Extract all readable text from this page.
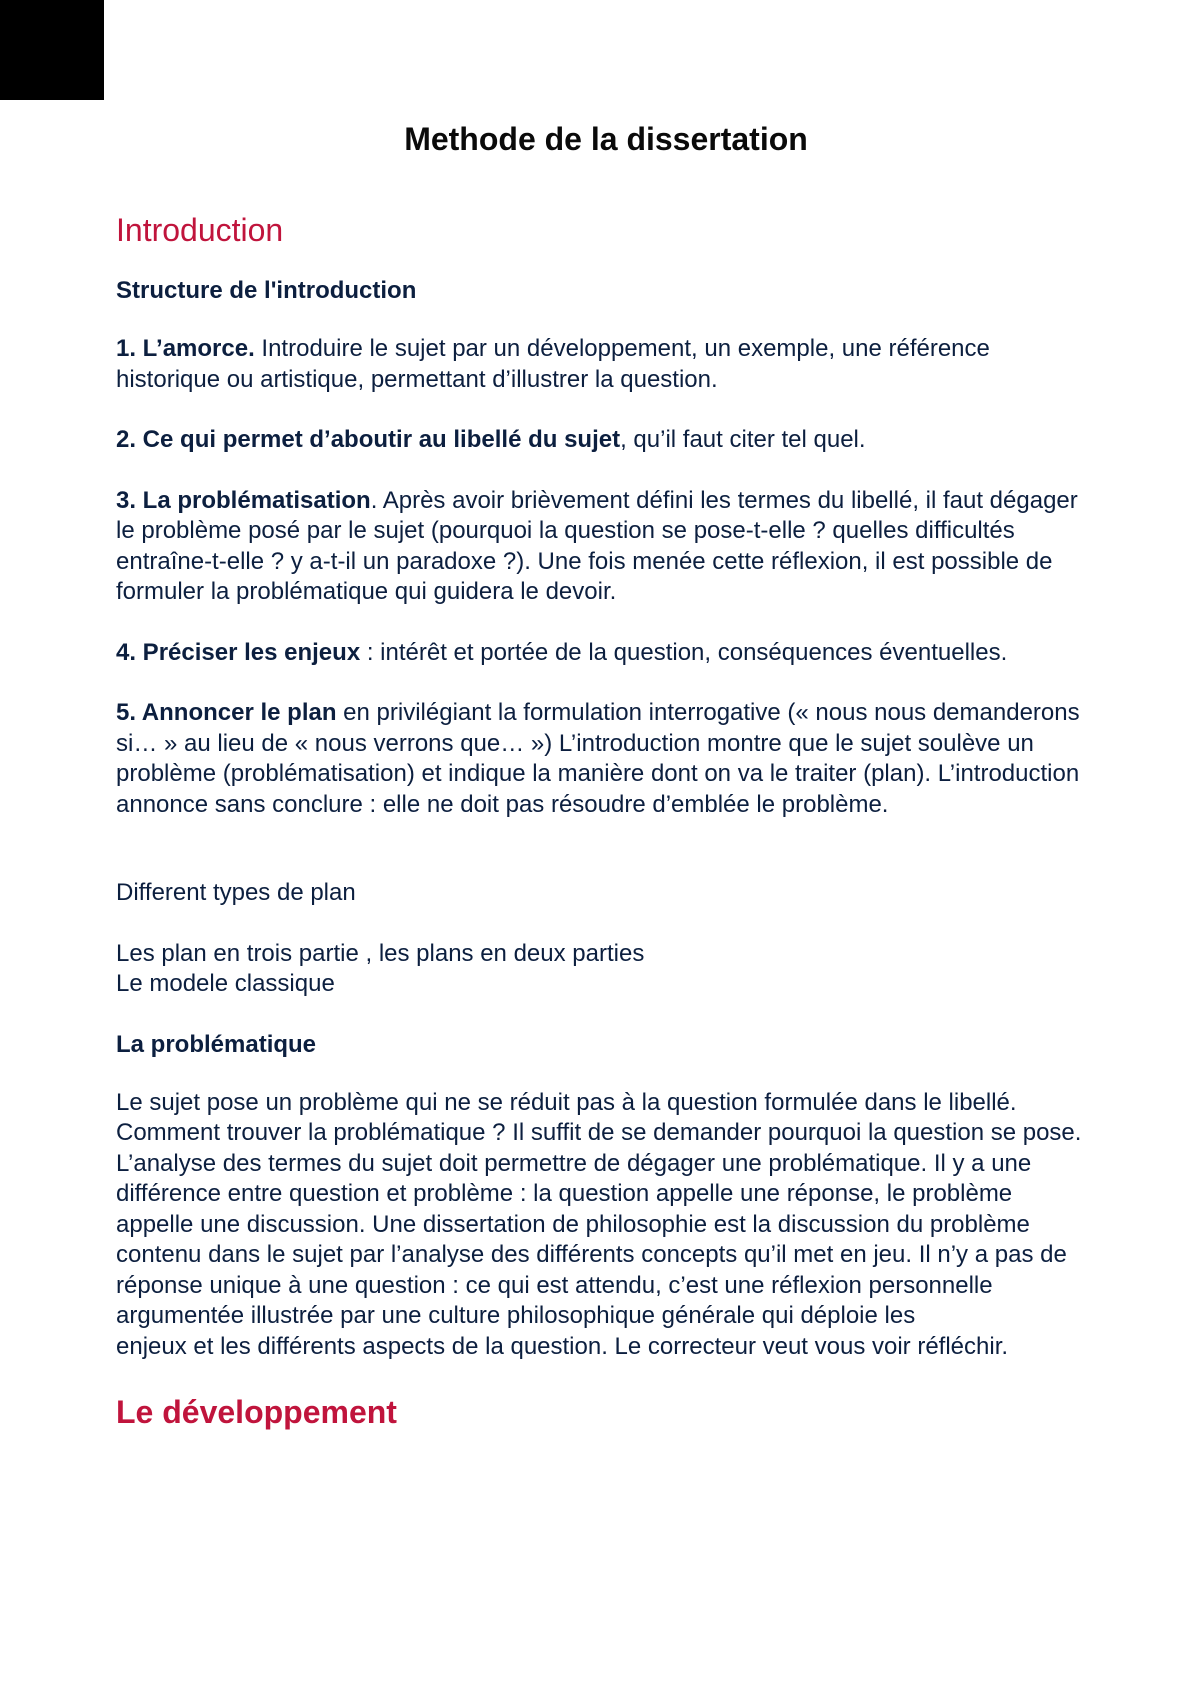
Methode de la dissertation
Introduction
Structure de l'introduction

1. L’amorce. Introduire le sujet par un développement, un exemple, une référence historique ou artistique, permettant d’illustrer la question.

2. Ce qui permet d’aboutir au libellé du sujet, qu’il faut citer tel quel.

3. La problématisation. Après avoir brièvement défini les termes du libellé, il faut dégager le problème posé par le sujet (pourquoi la question se pose-t-elle ? quelles difficultés entraîne-t-elle ? y a-t-il un paradoxe ?). Une fois menée cette réflexion, il est possible de formuler la problématique qui guidera le devoir.

4. Préciser les enjeux : intérêt et portée de la question, conséquences éventuelles.

5. Annoncer le plan en privilégiant la formulation interrogative (« nous nous demanderons si… » au lieu de « nous verrons que… ») L’introduction montre que le sujet soulève un problème (problématisation) et indique la manière dont on va le traiter (plan). L’introduction annonce sans conclure : elle ne doit pas résoudre d’emblée le problème.

Different types de plan

Les plan en trois partie , les plans en deux parties

Le modele classique

La problématique

Le sujet pose un problème qui ne se réduit pas à la question formulée dans le libellé. Comment trouver la problématique ? Il suffit de se demander pourquoi la question se pose. L’analyse des termes du sujet doit permettre de dégager une problématique. Il y a une différence entre question et problème : la question appelle une réponse, le problème appelle une discussion. Une dissertation de philosophie est la discussion du problème contenu dans le sujet par l’analyse des différents concepts qu’il met en jeu. Il n’y a pas de réponse unique à une question : ce qui est attendu, c’est une réflexion personnelle argumentée illustrée par une culture philosophique générale qui déploie les

enjeux et les différents aspects de la question. Le correcteur veut vous voir réfléchir.

Le développement
